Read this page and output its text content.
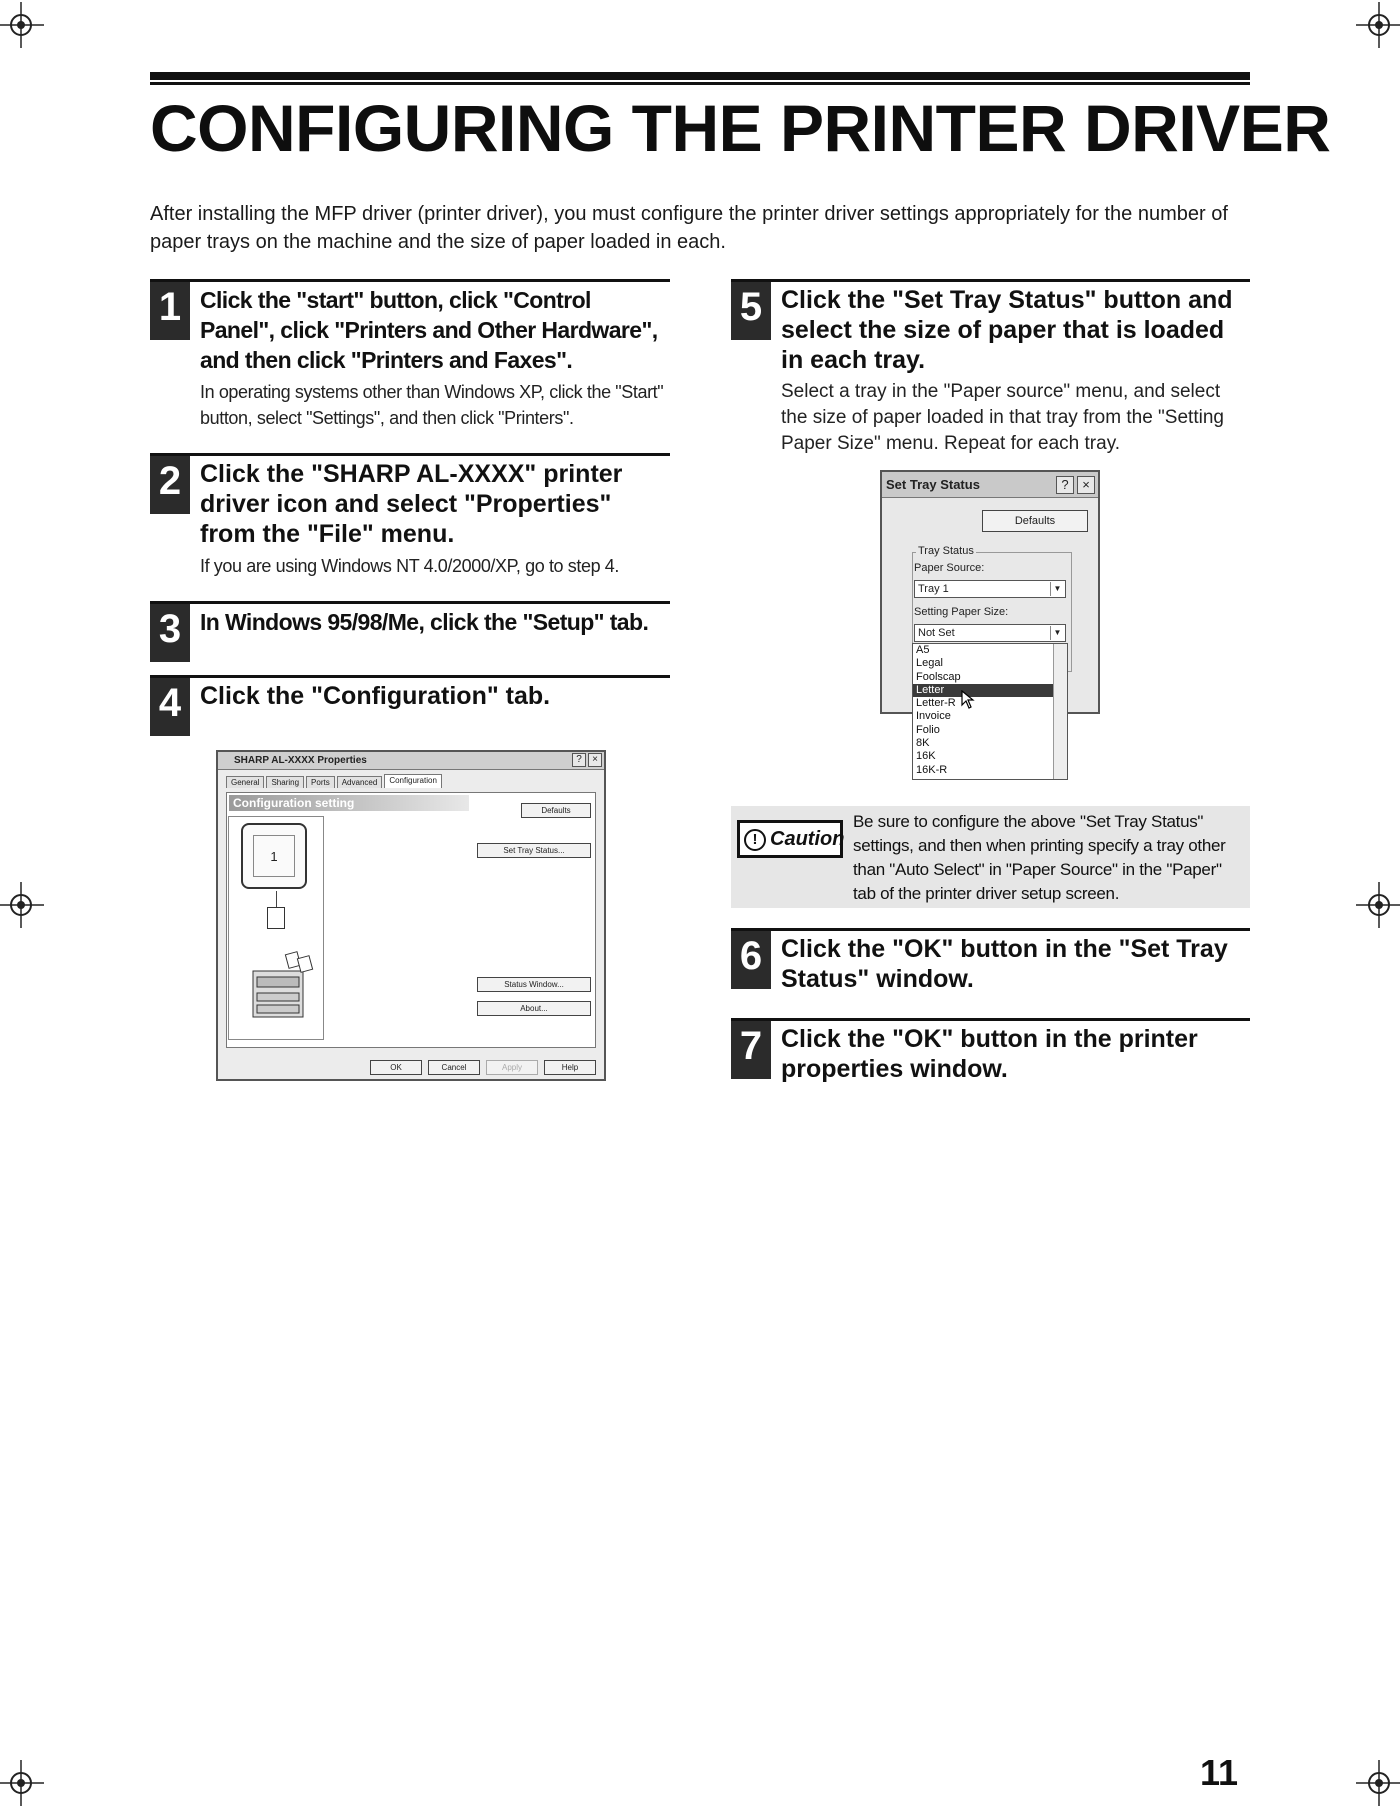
CONFIGURING THE PRINTER DRIVER

After installing the MFP driver (printer driver), you must configure the printer driver settings appropriately for the number of paper trays on the machine and the size of paper loaded in each.

1 Click the "start" button, click "Control Panel", click "Printers and Other Hardware", and then click "Printers and Faxes".
In operating systems other than Windows XP, click the "Start" button, select "Settings", and then click "Printers".
2 Click the "SHARP AL-XXXX" printer driver icon and select "Properties" from the "File" menu.
If you are using Windows NT 4.0/2000/XP, go to step 4.
3 In Windows 95/98/Me, click the "Setup" tab.
4 Click the "Configuration" tab.
SHARP AL-XXXX Properties	?	×
General	Sharing	Ports	Advanced	Configuration
Configuration setting
Defaults
Set Tray Status...
Status Window...
About...
1
OK	Cancel	Apply	Help
5 Click the "Set Tray Status" button and select the size of paper that is loaded in each tray.
Select a tray in the "Paper source" menu, and select the size of paper loaded in that tray from the "Setting Paper Size" menu. Repeat for each tray.
Set Tray Status	?	×
Defaults
Tray Status
Paper Source:
Tray 1	▼
Setting Paper Size:
Not Set	▼
A5
Legal
Foolscap
Letter
Letter-R
Invoice
Folio
8K
16K
16K-R
! Caution
Be sure to configure the above "Set Tray Status" settings, and then when printing specify a tray other than "Auto Select" in "Paper Source" in the "Paper" tab of the printer driver setup screen.
6 Click the "OK" button in the "Set Tray Status" window.
7 Click the "OK" button in the printer properties window.
11
